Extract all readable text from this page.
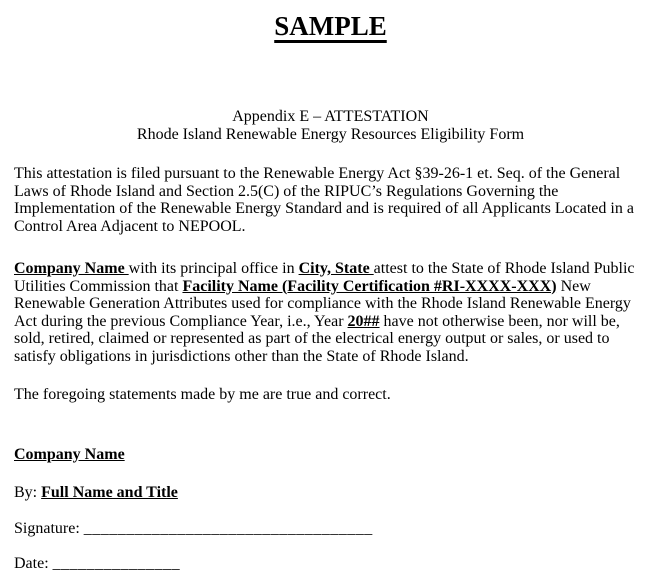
SAMPLE
Appendix E – ATTESTATION
Rhode Island Renewable Energy Resources Eligibility Form

This attestation is filed pursuant to the Renewable Energy Act §39-26-1 et. Seq. of the General Laws of Rhode Island and Section 2.5(C) of the RIPUC’s Regulations Governing the Implementation of the Renewable Energy Standard and is required of all Applicants Located in a Control Area Adjacent to NEPOOL.

Company Name with its principal office in City, State attest to the State of Rhode Island Public Utilities Commission that Facility Name (Facility Certification #RI-XXXX-XXX) New Renewable Generation Attributes used for compliance with the Rhode Island Renewable Energy Act during the previous Compliance Year, i.e., Year 20## have not otherwise been, nor will be, sold, retired, claimed or represented as part of the electrical energy output or sales, or used to satisfy obligations in jurisdictions other than the State of Rhode Island.

The foregoing statements made by me are true and correct.

Company Name

By: Full Name and Title

Signature: __________________________________

Date: _______________
